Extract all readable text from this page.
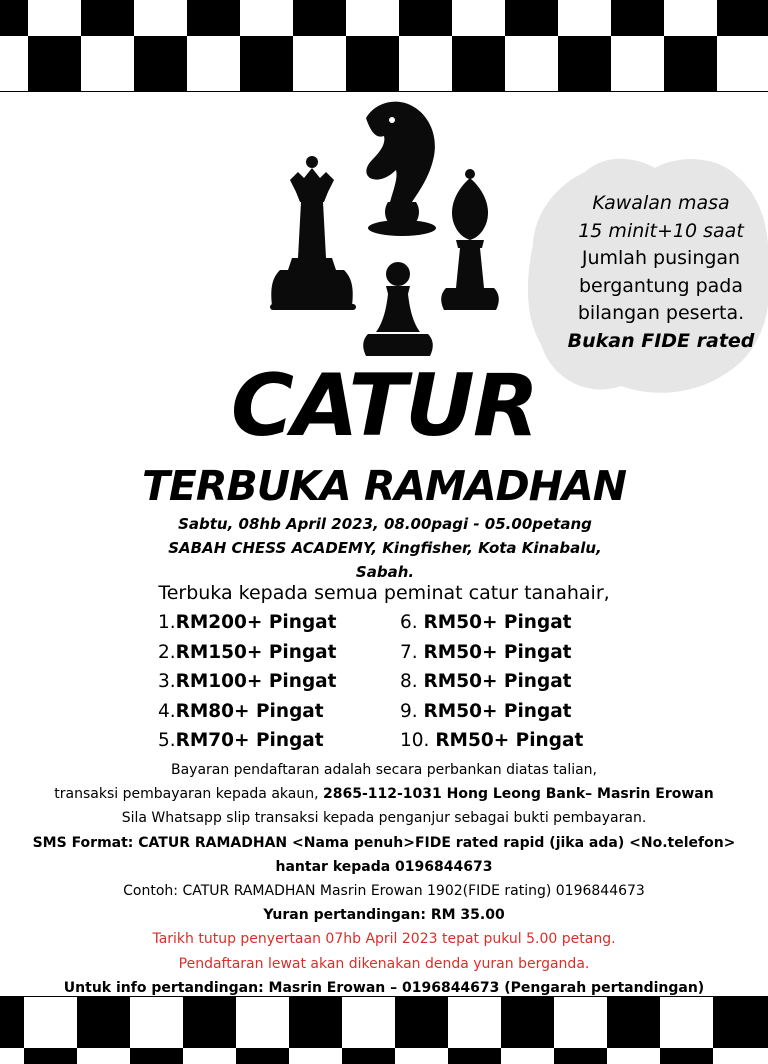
Kawalan masa
15 minit+10 saat
Jumlah pusingan
bergantung pada
bilangan peserta.
Bukan FIDE rated
CATUR
TERBUKA RAMADHAN
Sabtu, 08hb April 2023, 08.00pagi - 05.00petang
SABAH CHESS ACADEMY, Kingfisher, Kota Kinabalu,
Sabah.
Terbuka kepada semua peminat catur tanahair,
1.RM200+ Pingat
2.RM150+ Pingat
3.RM100+ Pingat
4.RM80+ Pingat
5.RM70+ Pingat
6. RM50+ Pingat
7. RM50+ Pingat
8. RM50+ Pingat
9. RM50+ Pingat
10. RM50+ Pingat
Bayaran pendaftaran adalah secara perbankan diatas talian,
transaksi pembayaran kepada akaun, 2865-112-1031 Hong Leong Bank– Masrin Erowan
Sila Whatsapp slip transaksi kepada penganjur sebagai bukti pembayaran.
SMS Format: CATUR RAMADHAN <Nama penuh>FIDE rated rapid (jika ada) <No.telefon>
hantar kepada 0196844673
Contoh: CATUR RAMADHAN Masrin Erowan 1902(FIDE rating) 0196844673
Yuran pertandingan: RM 35.00
Tarikh tutup penyertaan 07hb April 2023 tepat pukul 5.00 petang.
Pendaftaran lewat akan dikenakan denda yuran berganda.
Untuk info pertandingan: Masrin Erowan – 0196844673 (Pengarah pertandingan)
